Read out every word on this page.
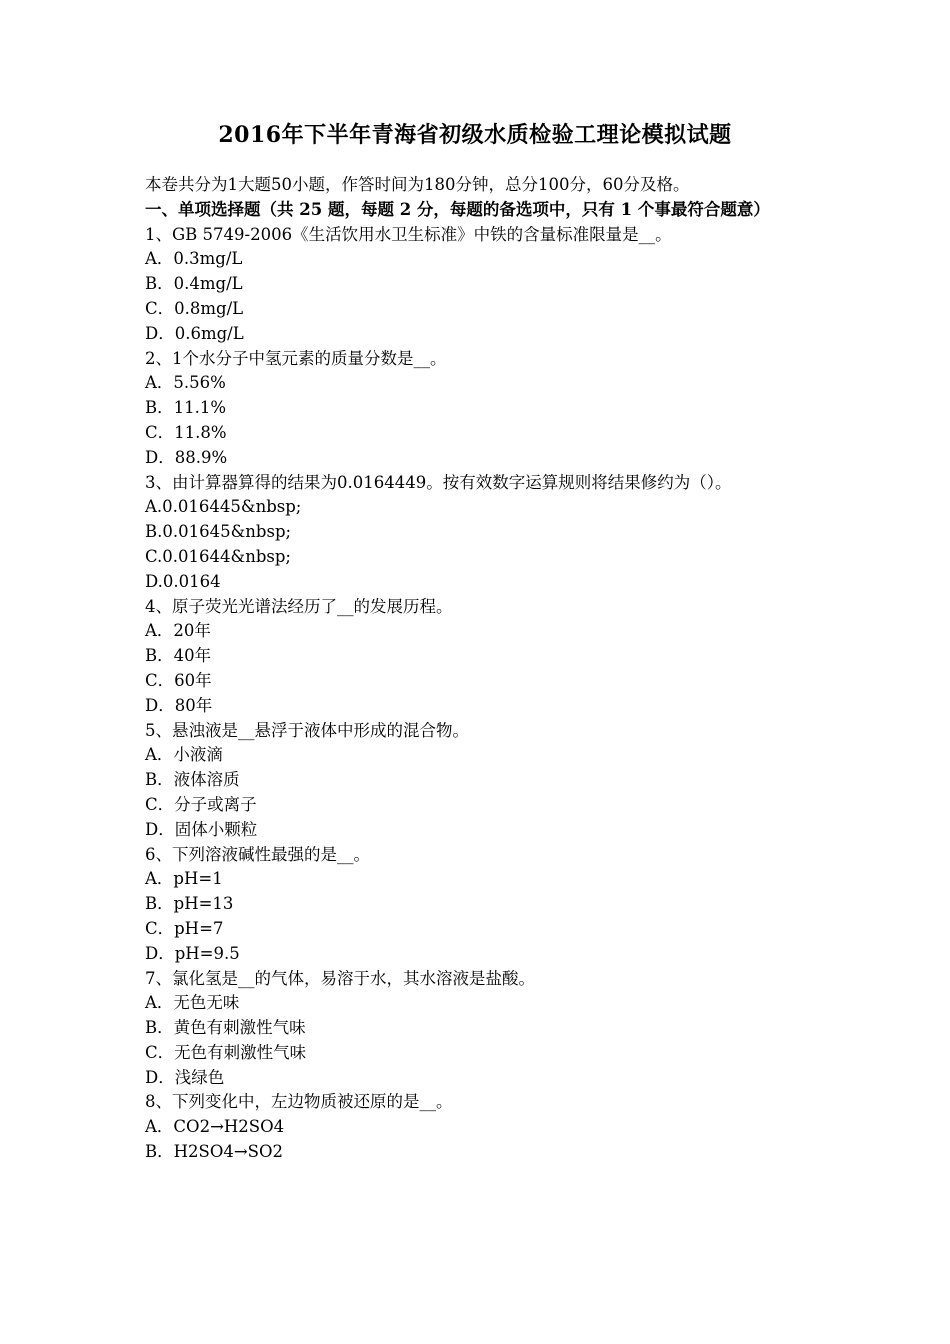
2016年下半年青海省初级水质检验工理论模拟试题
本卷共分为1大题50小题，作答时间为180分钟，总分100分，60分及格。
一、单项选择题（共 25 题，每题 2 分，每题的备选项中，只有 1 个事最符合题意）
1、GB 5749-2006《生活饮用水卫生标准》中铁的含量标准限量是__。
A．0.3mg/L
B．0.4mg/L
C．0.8mg/L
D．0.6mg/L
2、1个水分子中氢元素的质量分数是__。
A．5.56%
B．11.1%
C．11.8%
D．88.9%
3、由计算器算得的结果为0.0164449。按有效数字运算规则将结果修约为（）。
A.0.016445&nbsp;
B.0.01645&nbsp;
C.0.01644&nbsp;
D.0.0164
4、原子荧光光谱法经历了__的发展历程。
A．20年
B．40年
C．60年
D．80年
5、悬浊液是__悬浮于液体中形成的混合物。
A．小液滴
B．液体溶质
C．分子或离子
D．固体小颗粒
6、下列溶液碱性最强的是__。
A．pH=1
B．pH=13
C．pH=7
D．pH=9.5
7、氯化氢是__的气体，易溶于水，其水溶液是盐酸。
A．无色无味
B．黄色有刺激性气味
C．无色有刺激性气味
D．浅绿色
8、下列变化中，左边物质被还原的是__。
A．CO2→H2SO4
B．H2SO4→SO2
